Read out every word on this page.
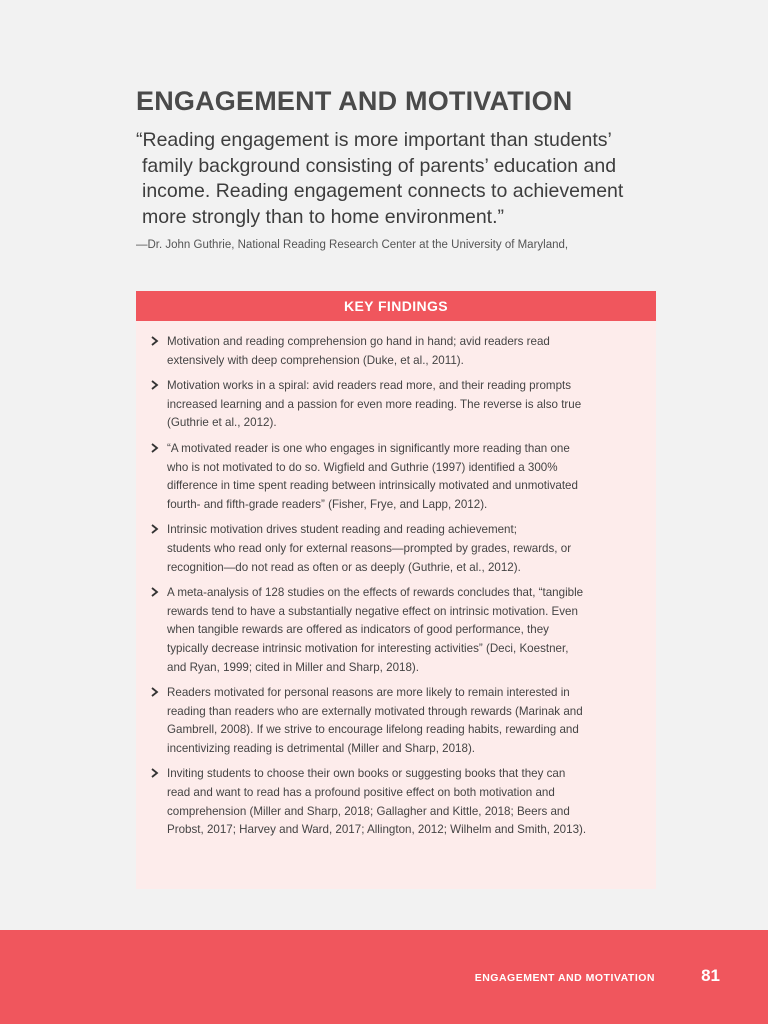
ENGAGEMENT AND MOTIVATION
“Reading engagement is more important than students’
family background consisting of parents’ education and
income. Reading engagement connects to achievement
more strongly than to home environment.”
—Dr. John Guthrie, National Reading Research Center at the University of Maryland,
KEY FINDINGS
Motivation and reading comprehension go hand in hand; avid readers read
extensively with deep comprehension (Duke, et al., 2011).
Motivation works in a spiral: avid readers read more, and their reading prompts
increased learning and a passion for even more reading. The reverse is also true
(Guthrie et al., 2012).
“A motivated reader is one who engages in significantly more reading than one
who is not motivated to do so. Wigfield and Guthrie (1997) identified a 300%
difference in time spent reading between intrinsically motivated and unmotivated
fourth- and fifth-grade readers” (Fisher, Frye, and Lapp, 2012).
Intrinsic motivation drives student reading and reading achievement;
students who read only for external reasons—prompted by grades, rewards, or
recognition—do not read as often or as deeply (Guthrie, et al., 2012).
A meta-analysis of 128 studies on the effects of rewards concludes that, “tangible
rewards tend to have a substantially negative effect on intrinsic motivation. Even
when tangible rewards are offered as indicators of good performance, they
typically decrease intrinsic motivation for interesting activities” (Deci, Koestner,
and Ryan, 1999; cited in Miller and Sharp, 2018).
Readers motivated for personal reasons are more likely to remain interested in
reading than readers who are externally motivated through rewards (Marinak and
Gambrell, 2008). If we strive to encourage lifelong reading habits, rewarding and
incentivizing reading is detrimental (Miller and Sharp, 2018).
Inviting students to choose their own books or suggesting books that they can
read and want to read has a profound positive effect on both motivation and
comprehension (Miller and Sharp, 2018; Gallagher and Kittle, 2018; Beers and
Probst, 2017; Harvey and Ward, 2017; Allington, 2012; Wilhelm and Smith, 2013).
ENGAGEMENT AND MOTIVATION	81
